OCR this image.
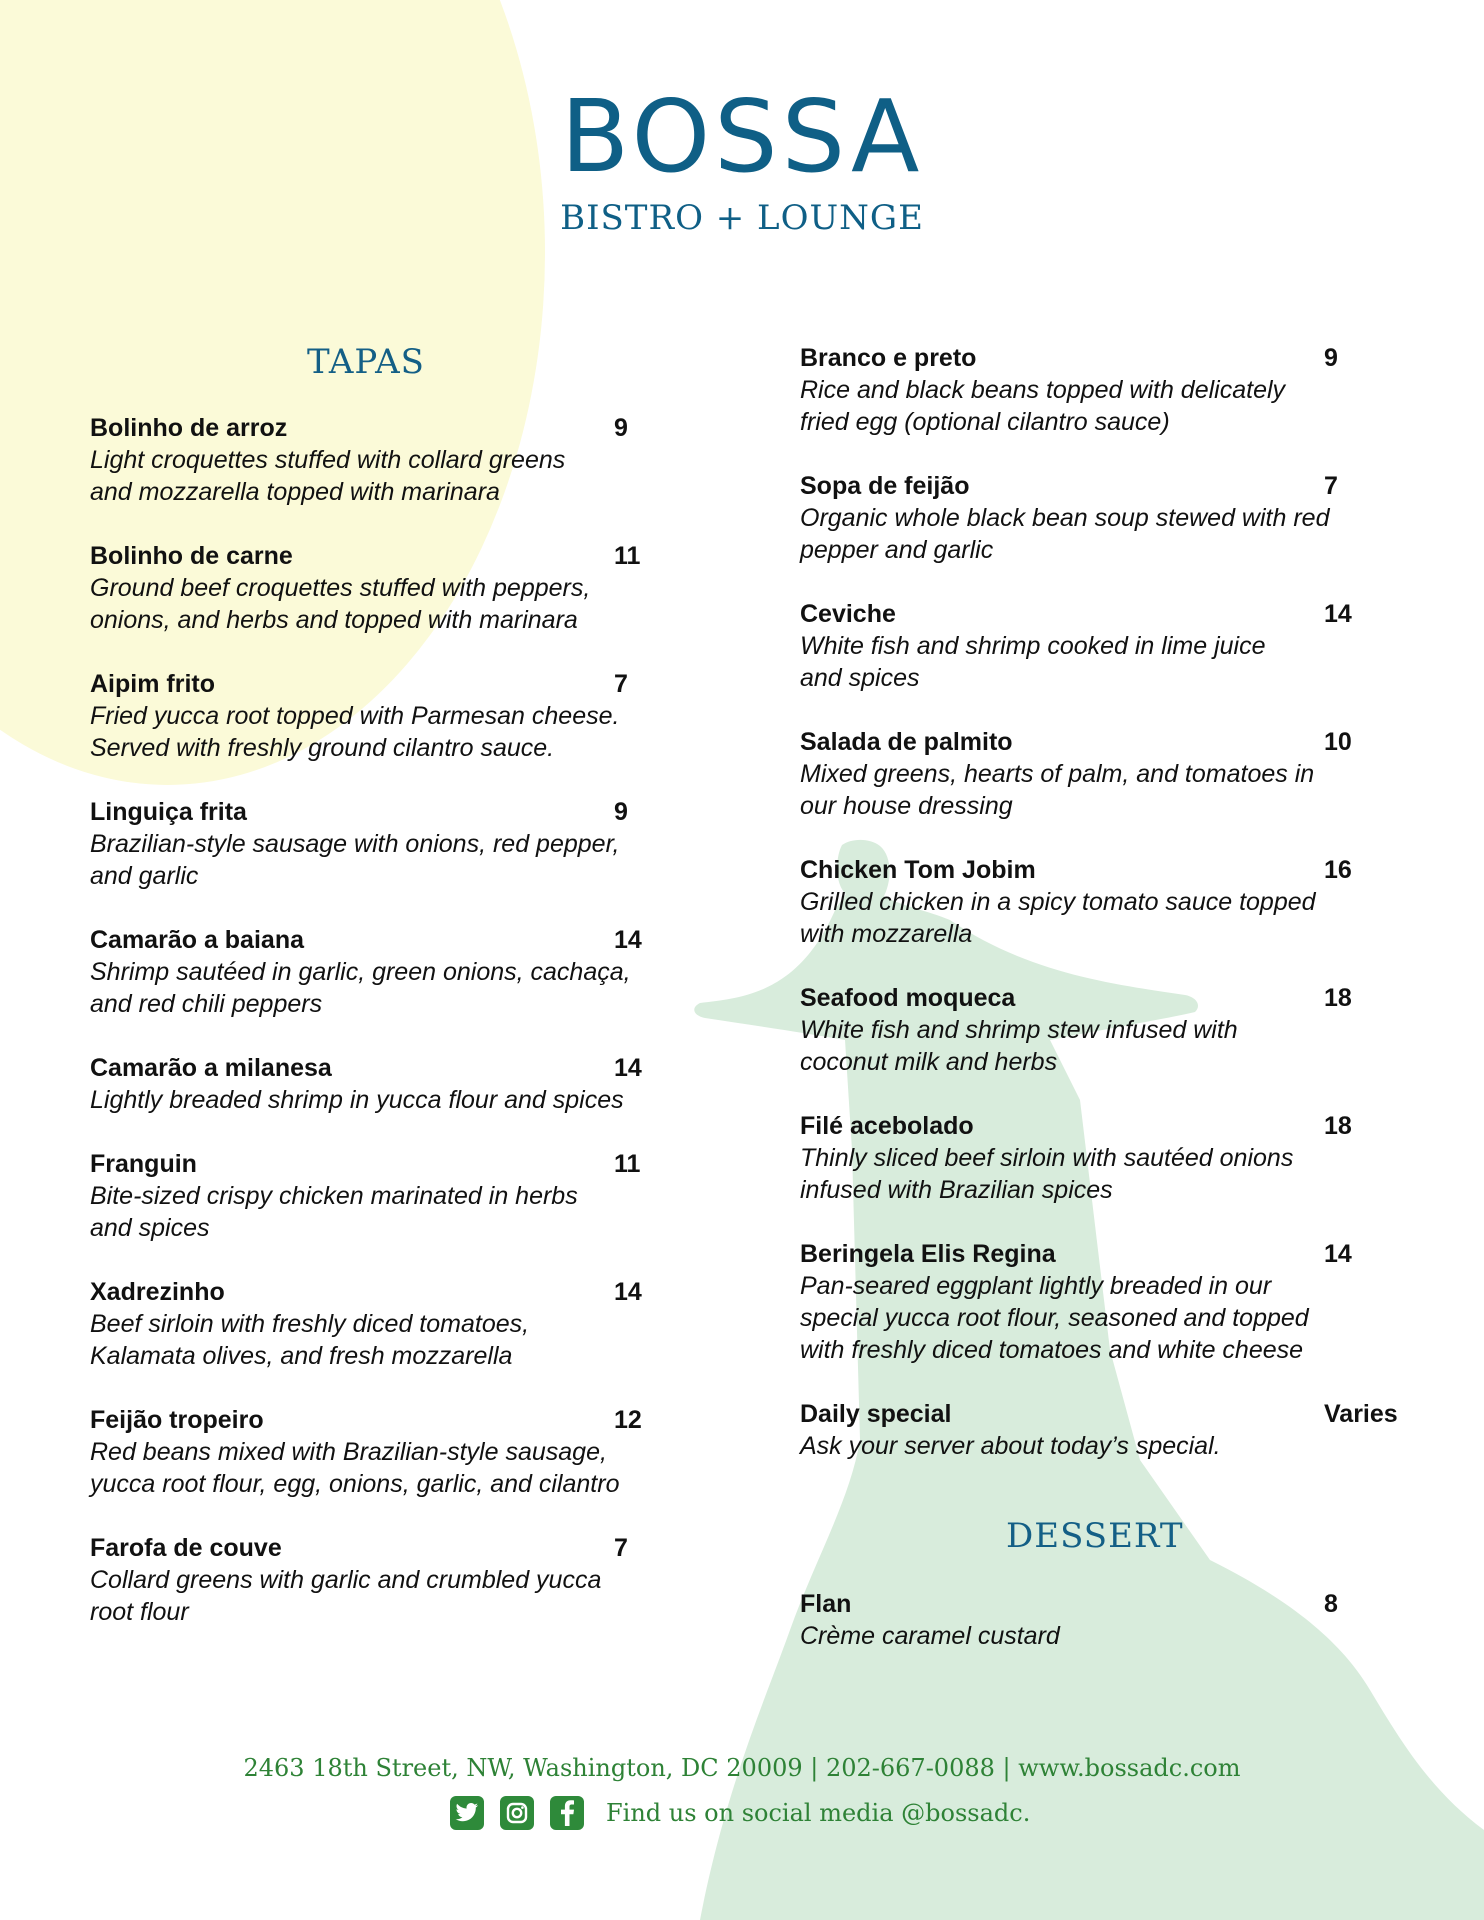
BOSSA
BISTRO + LOUNGE
TAPAS
Bolinho de arroz	9
Light croquettes stuffed with collard greens
and mozzarella topped with marinara
Bolinho de carne	11
Ground beef croquettes stuffed with peppers,
onions, and herbs and topped with marinara
Aipim frito	7
Fried yucca root topped with Parmesan cheese.
Served with freshly ground cilantro sauce.
Linguiça frita	9
Brazilian-style sausage with onions, red pepper,
and garlic
Camarão a baiana	14
Shrimp sautéed in garlic, green onions, cachaça,
and red chili peppers
Camarão a milanesa	14
Lightly breaded shrimp in yucca flour and spices
Franguin	11
Bite-sized crispy chicken marinated in herbs
and spices
Xadrezinho	14
Beef sirloin with freshly diced tomatoes,
Kalamata olives, and fresh mozzarella
Feijão tropeiro	12
Red beans mixed with Brazilian-style sausage,
yucca root flour, egg, onions, garlic, and cilantro
Farofa de couve	7
Collard greens with garlic and crumbled yucca
root flour
Branco e preto	9
Rice and black beans topped with delicately
fried egg (optional cilantro sauce)
Sopa de feijão	7
Organic whole black bean soup stewed with red
pepper and garlic
Ceviche	14
White fish and shrimp cooked in lime juice
and spices
Salada de palmito	10
Mixed greens, hearts of palm, and tomatoes in
our house dressing
Chicken Tom Jobim	16
Grilled chicken in a spicy tomato sauce topped
with mozzarella
Seafood moqueca	18
White fish and shrimp stew infused with
coconut milk and herbs
Filé acebolado	18
Thinly sliced beef sirloin with sautéed onions
infused with Brazilian spices
Beringela Elis Regina	14
Pan-seared eggplant lightly breaded in our
special yucca root flour, seasoned and topped
with freshly diced tomatoes and white cheese
Daily special	Varies
Ask your server about today’s special.
DESSERT
Flan	8
Crème caramel custard
2463 18th Street, NW, Washington, DC 20009 | 202-667-0088 | www.bossadc.com
Find us on social media @bossadc.
